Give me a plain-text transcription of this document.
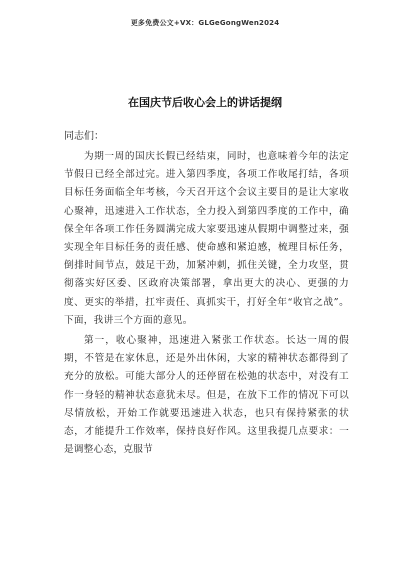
更多免费公文+VX：GLGeGongWen2024
在国庆节后收心会上的讲话提纲
同志们：

为期一周的国庆长假已经结束，同时，也意味着今年的法定节假日已经全部过完。进入第四季度，各项工作收尾打结，各项目标任务面临全年考核，今天召开这个会议主要目的是让大家收心聚神，迅速进入工作状态，全力投入到第四季度的工作中，确保全年各项工作任务圆满完成大家要迅速从假期中调整过来，强实现全年目标任务的责任感、使命感和紧迫感，梳理目标任务，倒排时间节点，鼓足干劲，加紧冲刺，抓住关键，全力攻坚，贯彻落实好区委、区政府决策部署，拿出更大的决心、更强的力度、更实的举措，扛牢责任、真抓实干，打好全年“收官之战”。下面，我讲三个方面的意见。

第一，收心聚神，迅速进入紧张工作状态。长达一周的假期，不管是在家休息，还是外出休闲，大家的精神状态都得到了充分的放松。可能大部分人的还停留在松弛的状态中，对没有工作一身轻的精神状态意犹未尽。但是，在放下工作的情况下可以尽情放松，开始工作就要迅速进入状态，也只有保持紧张的状态，才能提升工作效率，保持良好作风。这里我提几点要求：一是调整心态，克服节
